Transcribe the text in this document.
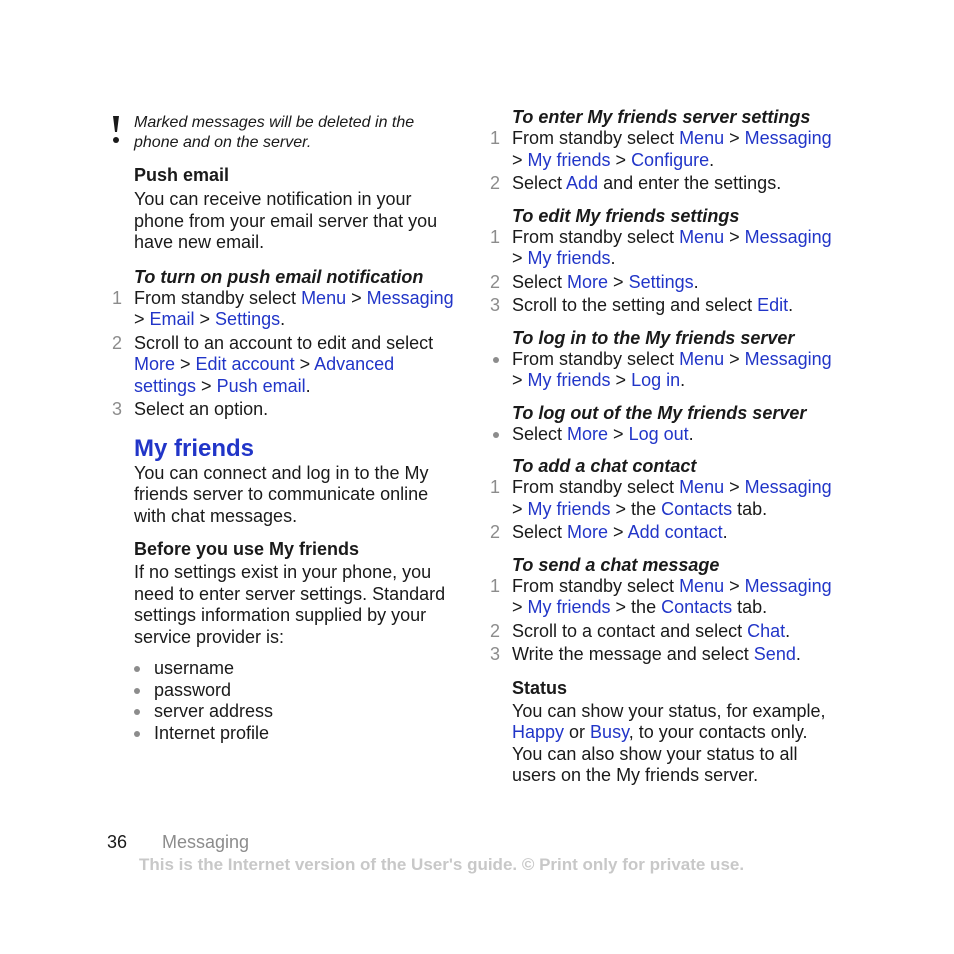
Marked messages will be deleted in the phone and on the server.
Push email

You can receive notification in your phone from your email server that you have new email.

To turn on push email notification
1 From standby select Menu > Messaging > Email > Settings.
2 Scroll to an account to edit and select More > Edit account > Advanced settings > Push email.
3 Select an option.
My friends

You can connect and log in to the My friends server to communicate online with chat messages.

Before you use My friends

If no settings exist in your phone, you need to enter server settings. Standard settings information supplied by your service provider is:

username
password
server address
Internet profile
To enter My friends server settings
1 From standby select Menu > Messaging > My friends > Configure.
2 Select Add and enter the settings.
To edit My friends settings
1 From standby select Menu > Messaging > My friends.
2 Select More > Settings.
3 Scroll to the setting and select Edit.
To log in to the My friends server
From standby select Menu > Messaging > My friends > Log in.
To log out of the My friends server
Select More > Log out.
To add a chat contact
1 From standby select Menu > Messaging > My friends > the Contacts tab.
2 Select More > Add contact.
To send a chat message
1 From standby select Menu > Messaging > My friends > the Contacts tab.
2 Scroll to a contact and select Chat.
3 Write the message and select Send.
Status

You can show your status, for example, Happy or Busy, to your contacts only. You can also show your status to all users on the My friends server.

36 Messaging
This is the Internet version of the User's guide. © Print only for private use.
